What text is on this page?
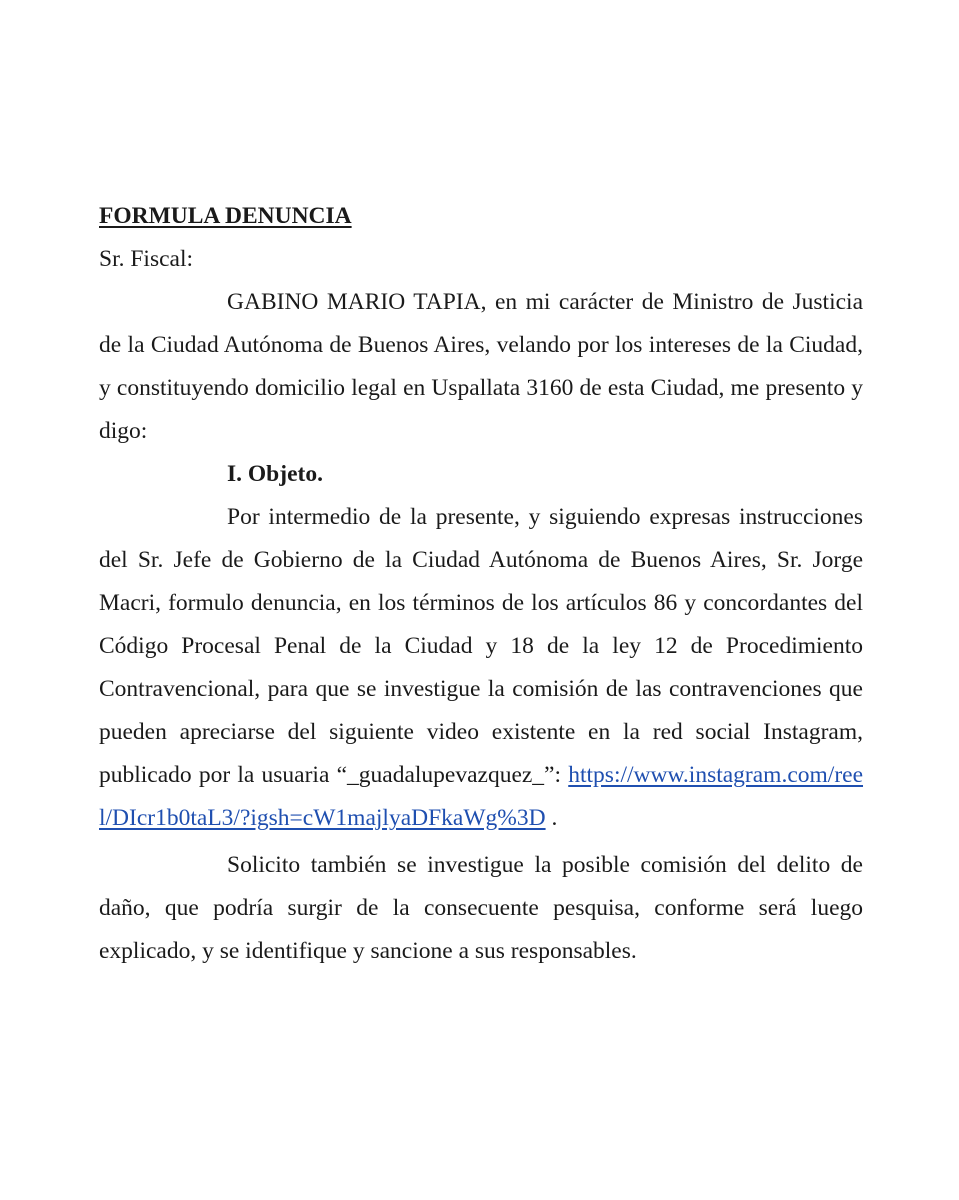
FORMULA DENUNCIA

Sr. Fiscal:

GABINO MARIO TAPIA, en mi carácter de Ministro de Justicia de la Ciudad Autónoma de Buenos Aires, velando por los intereses de la Ciudad, y constituyendo domicilio legal en Uspallata 3160 de esta Ciudad, me presento y digo:

I. Objeto.

Por intermedio de la presente, y siguiendo expresas instrucciones del Sr. Jefe de Gobierno de la Ciudad Autónoma de Buenos Aires, Sr. Jorge Macri, formulo denuncia, en los términos de los artículos 86 y concordantes del Código Procesal Penal de la Ciudad y 18 de la ley 12 de Procedimiento Contravencional, para que se investigue la comisión de las contravenciones que pueden apreciarse del siguiente video existente en la red social Instagram, publicado por la usuaria “_guadalupevazquez_”: https://www.instagram.com/reel/DIcr1b0taL3/?igsh=cW1majlyaDFkaWg%3D .

Solicito también se investigue la posible comisión del delito de daño, que podría surgir de la consecuente pesquisa, conforme será luego explicado, y se identifique y sancione a sus responsables.
